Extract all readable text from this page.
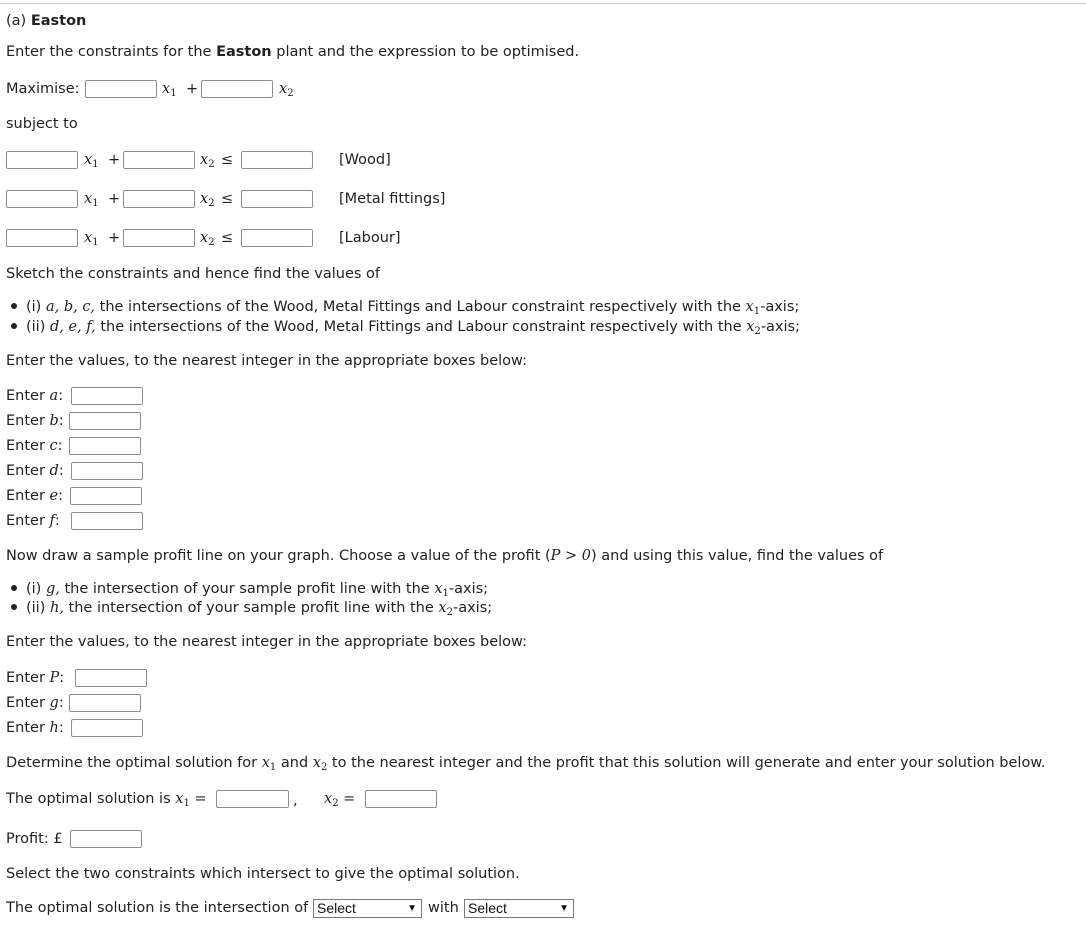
(a) Easton
Enter the constraints for the Easton plant and the expression to be optimised.
Maximise:	$x_1$ +	$x_2$
subject to
$x_1$ +	$x_2$ ≤	[Wood]
$x_1$ +	$x_2$ ≤	[Metal fittings]
$x_1$ +	$x_2$ ≤	[Labour]
Sketch the constraints and hence find the values of
(i) a, b, c, the intersections of the Wood, Metal Fittings and Labour constraint respectively with the $x_1$-axis;
(ii) d, e, f, the intersections of the Wood, Metal Fittings and Labour constraint respectively with the $x_2$-axis;
Enter the values, to the nearest integer in the appropriate boxes below:
Enter a:
Enter b:
Enter c:
Enter d:
Enter e:
Enter f:
Now draw a sample profit line on your graph. Choose a value of the profit (P > 0) and using this value, find the values of
(i) g, the intersection of your sample profit line with the $x_1$-axis;
(ii) h, the intersection of your sample profit line with the $x_2$-axis;
Enter the values, to the nearest integer in the appropriate boxes below:
Enter P:
Enter g:
Enter h:
Determine the optimal solution for $x_1$ and $x_2$ to the nearest integer and the profit that this solution will generate and enter your solution below.
The optimal solution is $x_1$ =	, $x_2$ =
Profit: £
Select the two constraints which intersect to give the optimal solution.
The optimal solution is the intersection of Select	▼ with Select	▼
